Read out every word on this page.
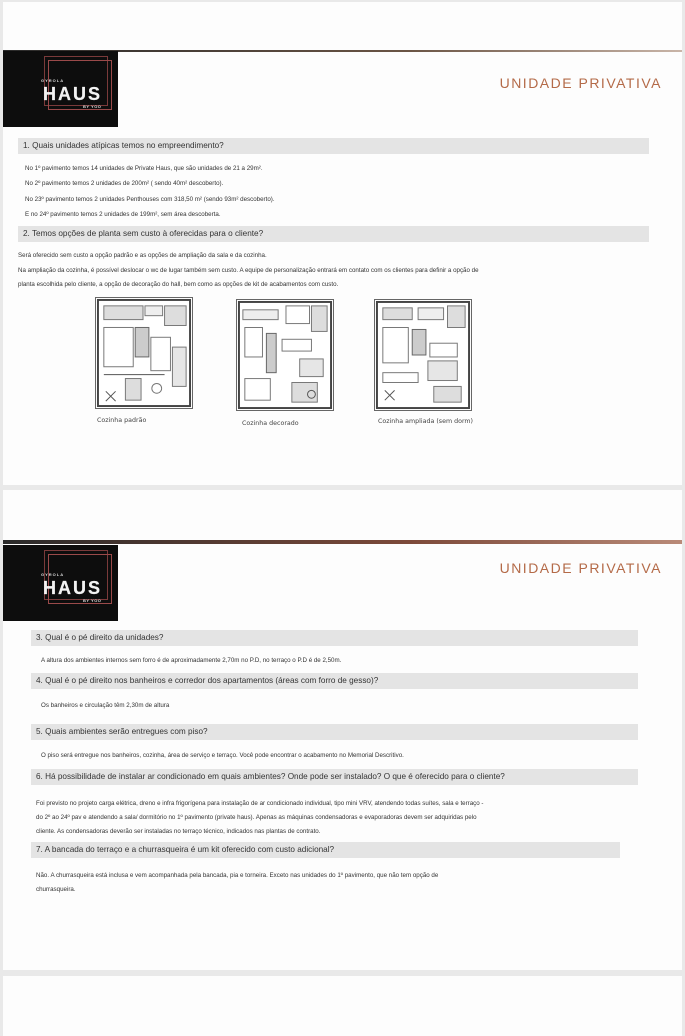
GYROLA
HAUS
BY YOO
UNIDADE PRIVATIVA
1. Quais unidades atípicas temos no empreendimento?
No 1º pavimento temos 14 unidades de Private Haus, que são unidades de 21 a 29m².
No 2º pavimento temos 2 unidades de 200m² ( sendo 40m² descoberto).
No 23º pavimento temos 2 unidades Penthouses com 318,50 m² (sendo 93m² descoberto).
E no 24º pavimento temos 2 unidades de 199m², sem área descoberta.
2. Temos opções de planta sem custo à oferecidas para o cliente?
Será oferecido sem custo a opção padrão e as opções de ampliação da sala e da cozinha.
Na ampliação da cozinha, é possível deslocar o wc de lugar também sem custo. A equipe de personalização entrará em contato com os clientes para definir a opção de
planta escolhida pelo cliente, a opção de decoração do hall, bem como as opções de kit de acabamentos com custo.
Cozinha padrão	Cozinha decorado	Cozinha ampliada (sem dorm)
GYROLA
HAUS
BY YOO
UNIDADE PRIVATIVA
3. Qual é o pé direito da unidades?
A altura dos ambientes internos sem forro é de aproximadamente 2,70m no P.D, no terraço o P.D é de 2,50m.
4. Qual é o pé direito nos banheiros e corredor dos apartamentos (áreas com forro de gesso)?
Os banheiros e circulação têm 2,30m de altura
5. Quais ambientes serão entregues com piso?
O piso será entregue nos banheiros, cozinha, área de serviço e terraço. Você pode encontrar o acabamento no Memorial Descritivo.
6. Há possibilidade de instalar ar condicionado em quais ambientes? Onde pode ser instalado? O que é oferecido para o cliente?
Foi previsto no projeto carga elétrica, dreno e infra frigorígena para instalação de ar condicionado individual, tipo mini VRV, atendendo todas suítes, sala e terraço -
do 2º ao 24º pav e atendendo a sala/ dormitório no 1º pavimento (private haus). Apenas as máquinas condensadoras e evaporadoras devem ser adquiridas pelo
cliente. As condensadoras deverão ser instaladas no terraço técnico, indicados nas plantas de contrato.
7. A bancada do terraço e a churrasqueira é um kit oferecido com custo adicional?
Não. A churrasqueira está inclusa e vem acompanhada pela bancada, pia e torneira. Exceto nas unidades do 1º pavimento, que não tem opção de
churrasqueira.
